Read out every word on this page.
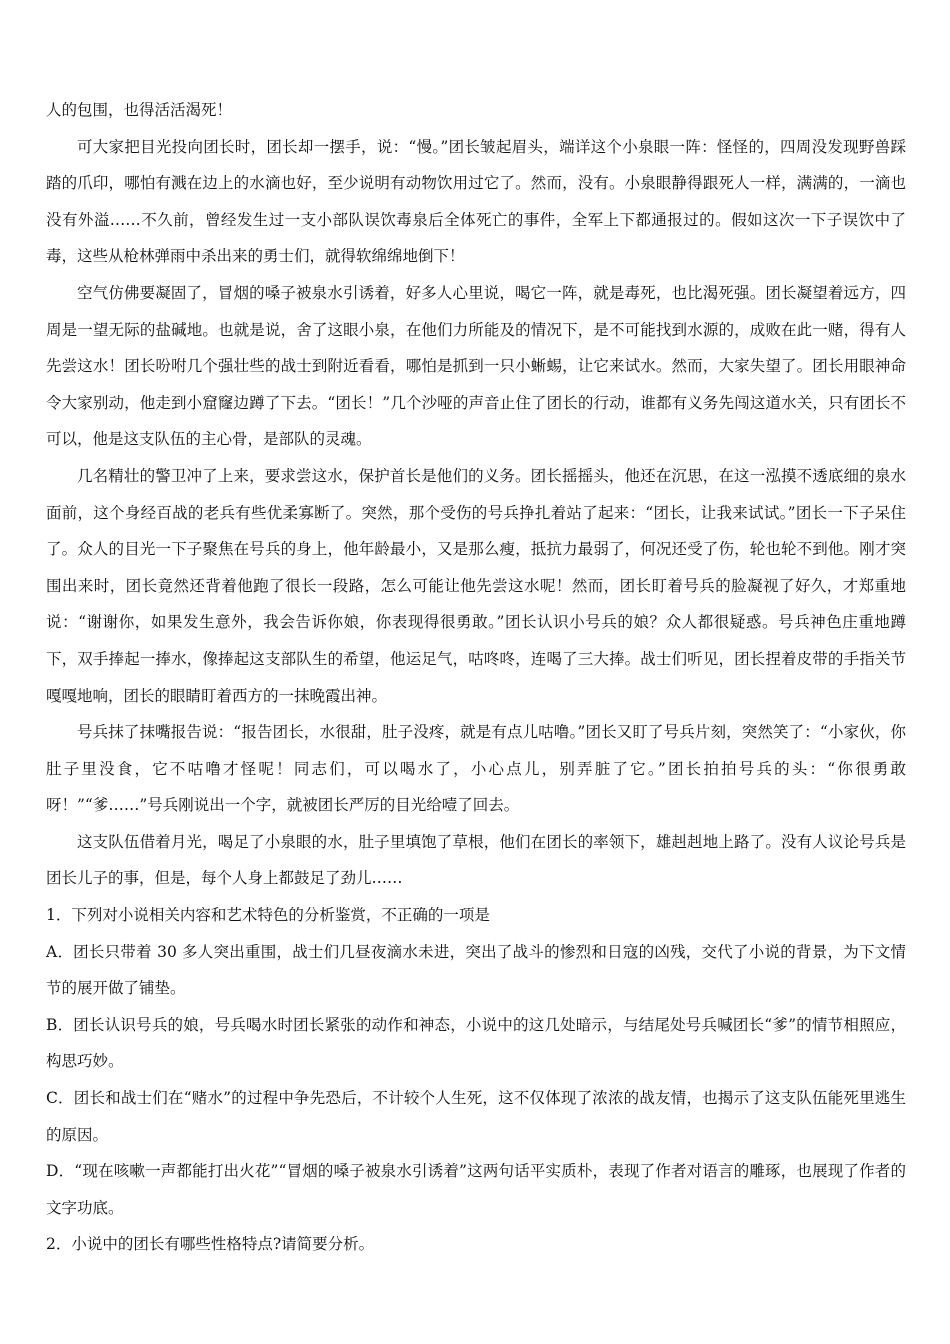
人的包围，也得活活渴死！

可大家把目光投向团长时，团长却一摆手，说：“慢。”团长皱起眉头，端详这个小泉眼一阵：怪怪的，四周没发现野兽踩踏的爪印，哪怕有溅在边上的水滴也好，至少说明有动物饮用过它了。然而，没有。小泉眼静得跟死人一样，满满的，一滴也没有外溢……不久前，曾经发生过一支小部队误饮毒泉后全体死亡的事件，全军上下都通报过的。假如这次一下子误饮中了毒，这些从枪林弹雨中杀出来的勇士们，就得软绵绵地倒下！

空气仿佛要凝固了，冒烟的嗓子被泉水引诱着，好多人心里说，喝它一阵，就是毒死，也比渴死强。团长凝望着远方，四周是一望无际的盐碱地。也就是说，舍了这眼小泉，在他们力所能及的情况下，是不可能找到水源的，成败在此一赌，得有人先尝这水！团长吩咐几个强壮些的战士到附近看看，哪怕是抓到一只小蜥蜴，让它来试水。然而，大家失望了。团长用眼神命令大家别动，他走到小窟窿边蹲了下去。“团长！”几个沙哑的声音止住了团长的行动，谁都有义务先闯这道水关，只有团长不可以，他是这支队伍的主心骨，是部队的灵魂。

几名精壮的警卫冲了上来，要求尝这水，保护首长是他们的义务。团长摇摇头，他还在沉思，在这一泓摸不透底细的泉水面前，这个身经百战的老兵有些优柔寡断了。突然，那个受伤的号兵挣扎着站了起来：“团长，让我来试试。”团长一下子呆住了。众人的目光一下子聚焦在号兵的身上，他年龄最小，又是那么瘦，抵抗力最弱了，何况还受了伤，轮也轮不到他。刚才突围出来时，团长竟然还背着他跑了很长一段路，怎么可能让他先尝这水呢！然而，团长盯着号兵的脸凝视了好久，才郑重地说：“谢谢你，如果发生意外，我会告诉你娘，你表现得很勇敢。”团长认识小号兵的娘？众人都很疑惑。号兵神色庄重地蹲下，双手捧起一捧水，像捧起这支部队生的希望，他运足气，咕咚咚，连喝了三大捧。战士们听见，团长捏着皮带的手指关节嘎嘎地响，团长的眼睛盯着西方的一抹晚霞出神。

号兵抹了抹嘴报告说：“报告团长，水很甜，肚子没疼，就是有点儿咕噜。”团长又盯了号兵片刻，突然笑了：“小家伙，你肚子里没食，它不咕噜才怪呢！同志们，可以喝水了，小心点儿，别弄脏了它。”团长拍拍号兵的头：“你很勇敢呀！”“爹……”号兵刚说出一个字，就被团长严厉的目光给噎了回去。

这支队伍借着月光，喝足了小泉眼的水，肚子里填饱了草根，他们在团长的率领下，雄赳赳地上路了。没有人议论号兵是团长儿子的事，但是，每个人身上都鼓足了劲儿……

1．下列对小说相关内容和艺术特色的分析鉴赏，不正确的一项是

A．团长只带着 30 多人突出重围，战士们几昼夜滴水未进，突出了战斗的惨烈和日寇的凶残，交代了小说的背景，为下文情节的展开做了铺垫。

B．团长认识号兵的娘，号兵喝水时团长紧张的动作和神态，小说中的这几处暗示，与结尾处号兵喊团长“爹”的情节相照应，构思巧妙。

C．团长和战士们在“赌水”的过程中争先恐后，不计较个人生死，这不仅体现了浓浓的战友情，也揭示了这支队伍能死里逃生的原因。

D．“现在咳嗽一声都能打出火花”“冒烟的嗓子被泉水引诱着”这两句话平实质朴，表现了作者对语言的雕琢，也展现了作者的文字功底。

2．小说中的团长有哪些性格特点?请简要分析。
